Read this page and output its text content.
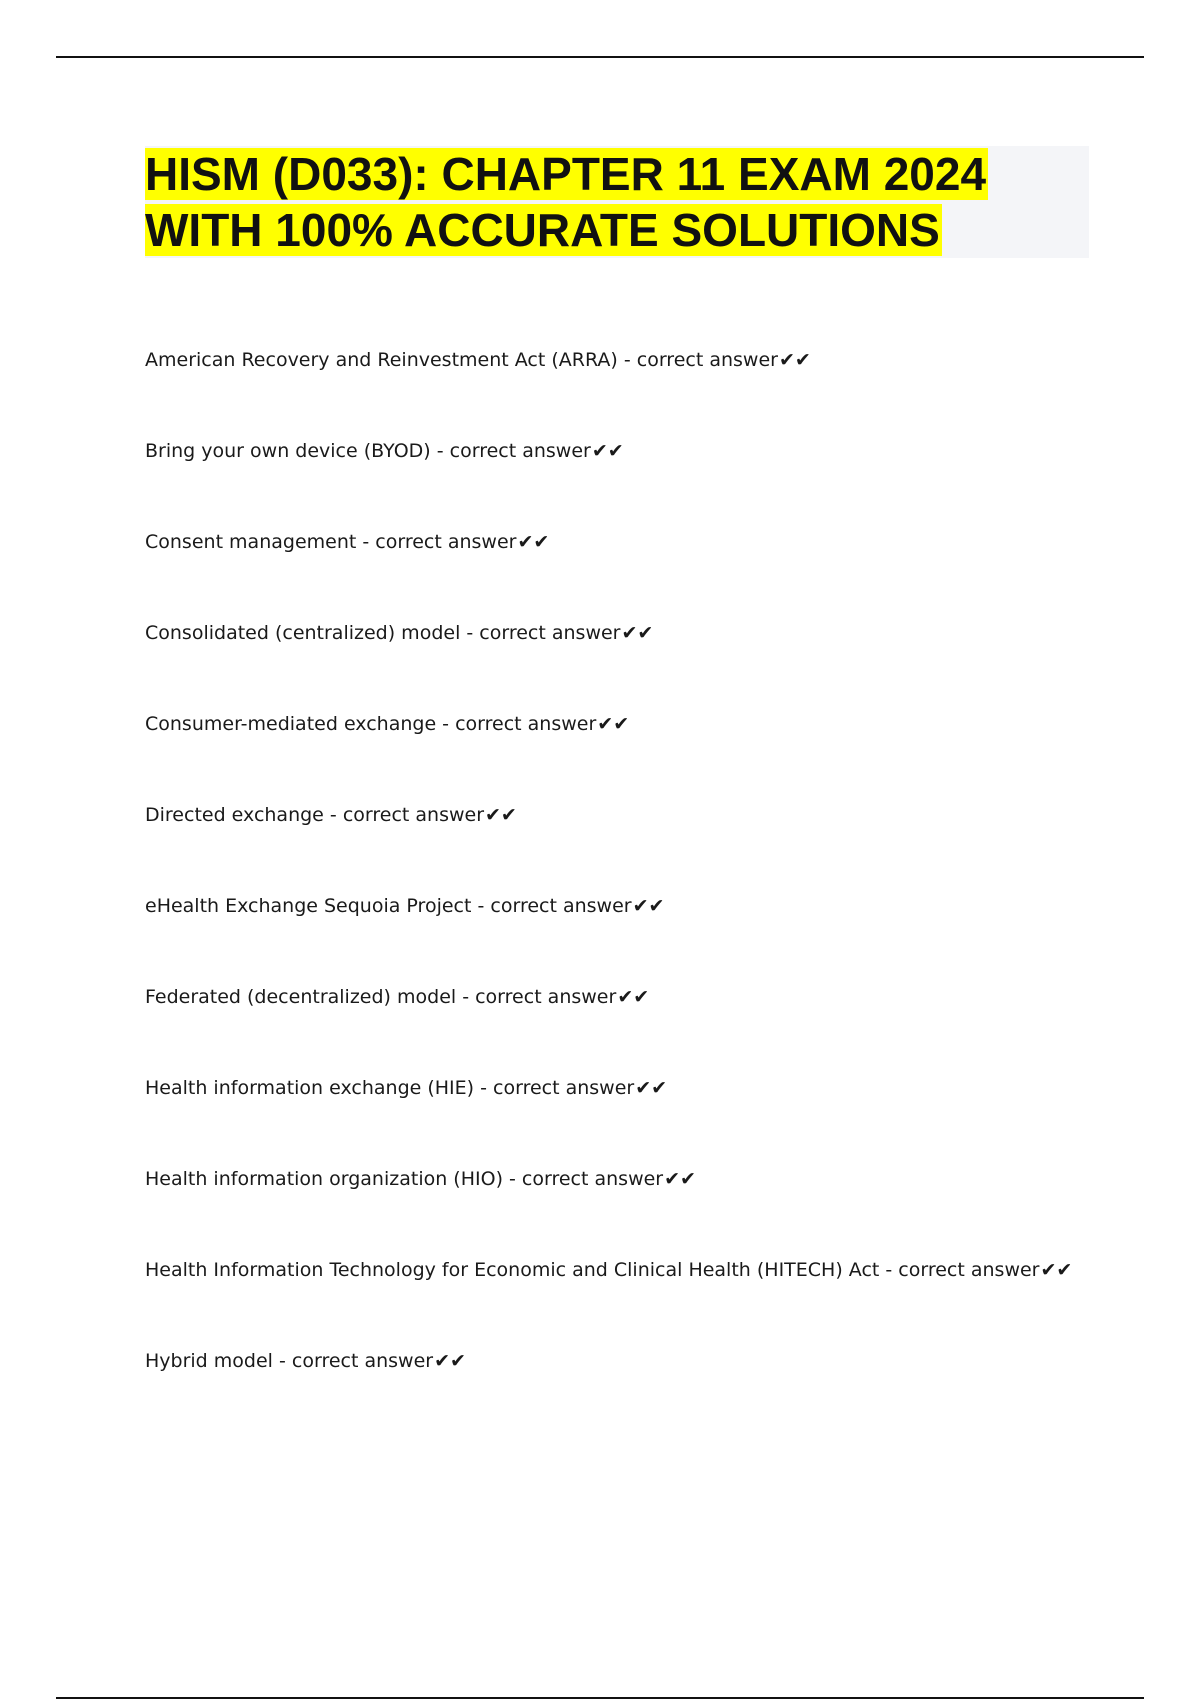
HISM (D033): CHAPTER 11 EXAM 2024 WITH 100% ACCURATE SOLUTIONS
American Recovery and Reinvestment Act (ARRA) - correct answer✔✔
Bring your own device (BYOD) - correct answer✔✔
Consent management - correct answer✔✔
Consolidated (centralized) model - correct answer✔✔
Consumer-mediated exchange - correct answer✔✔
Directed exchange - correct answer✔✔
eHealth Exchange Sequoia Project - correct answer✔✔
Federated (decentralized) model - correct answer✔✔
Health information exchange (HIE) - correct answer✔✔
Health information organization (HIO) - correct answer✔✔
Health Information Technology for Economic and Clinical Health (HITECH) Act - correct answer✔✔
Hybrid model - correct answer✔✔
